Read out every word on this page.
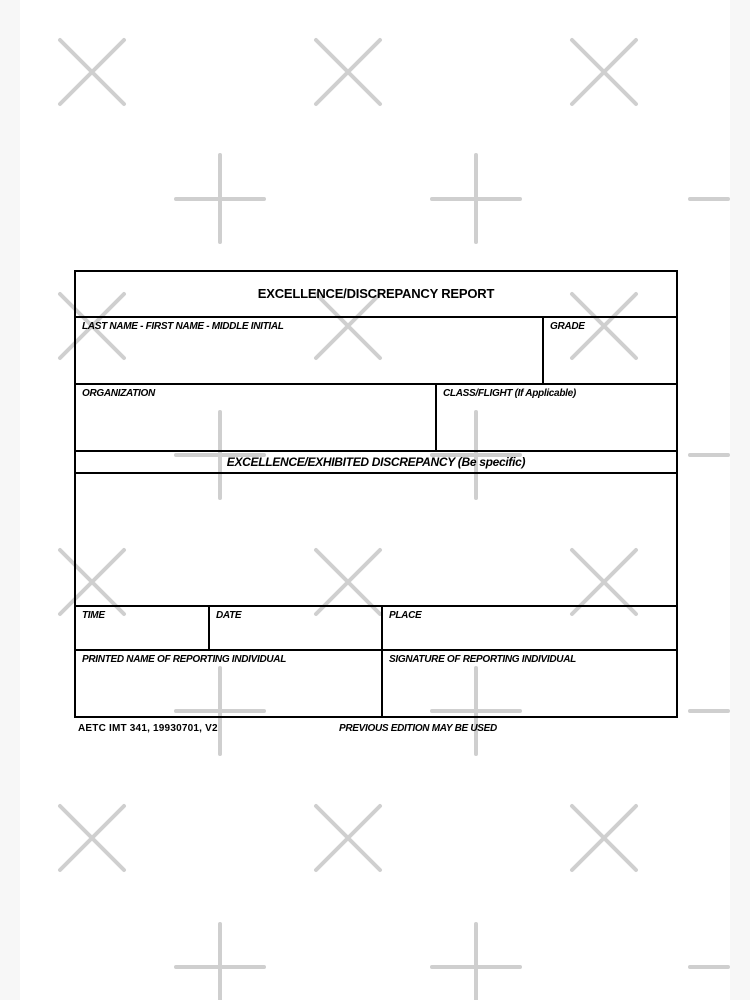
EXCELLENCE/DISCREPANCY REPORT
LAST NAME - FIRST NAME - MIDDLE INITIAL	GRADE
ORGANIZATION	CLASS/FLIGHT (If Applicable)
EXCELLENCE/EXHIBITED DISCREPANCY (Be specific)
TIME	DATE	PLACE
PRINTED NAME OF REPORTING INDIVIDUAL	SIGNATURE OF REPORTING INDIVIDUAL
AETC IMT 341, 19930701, V2	PREVIOUS EDITION MAY BE USED
